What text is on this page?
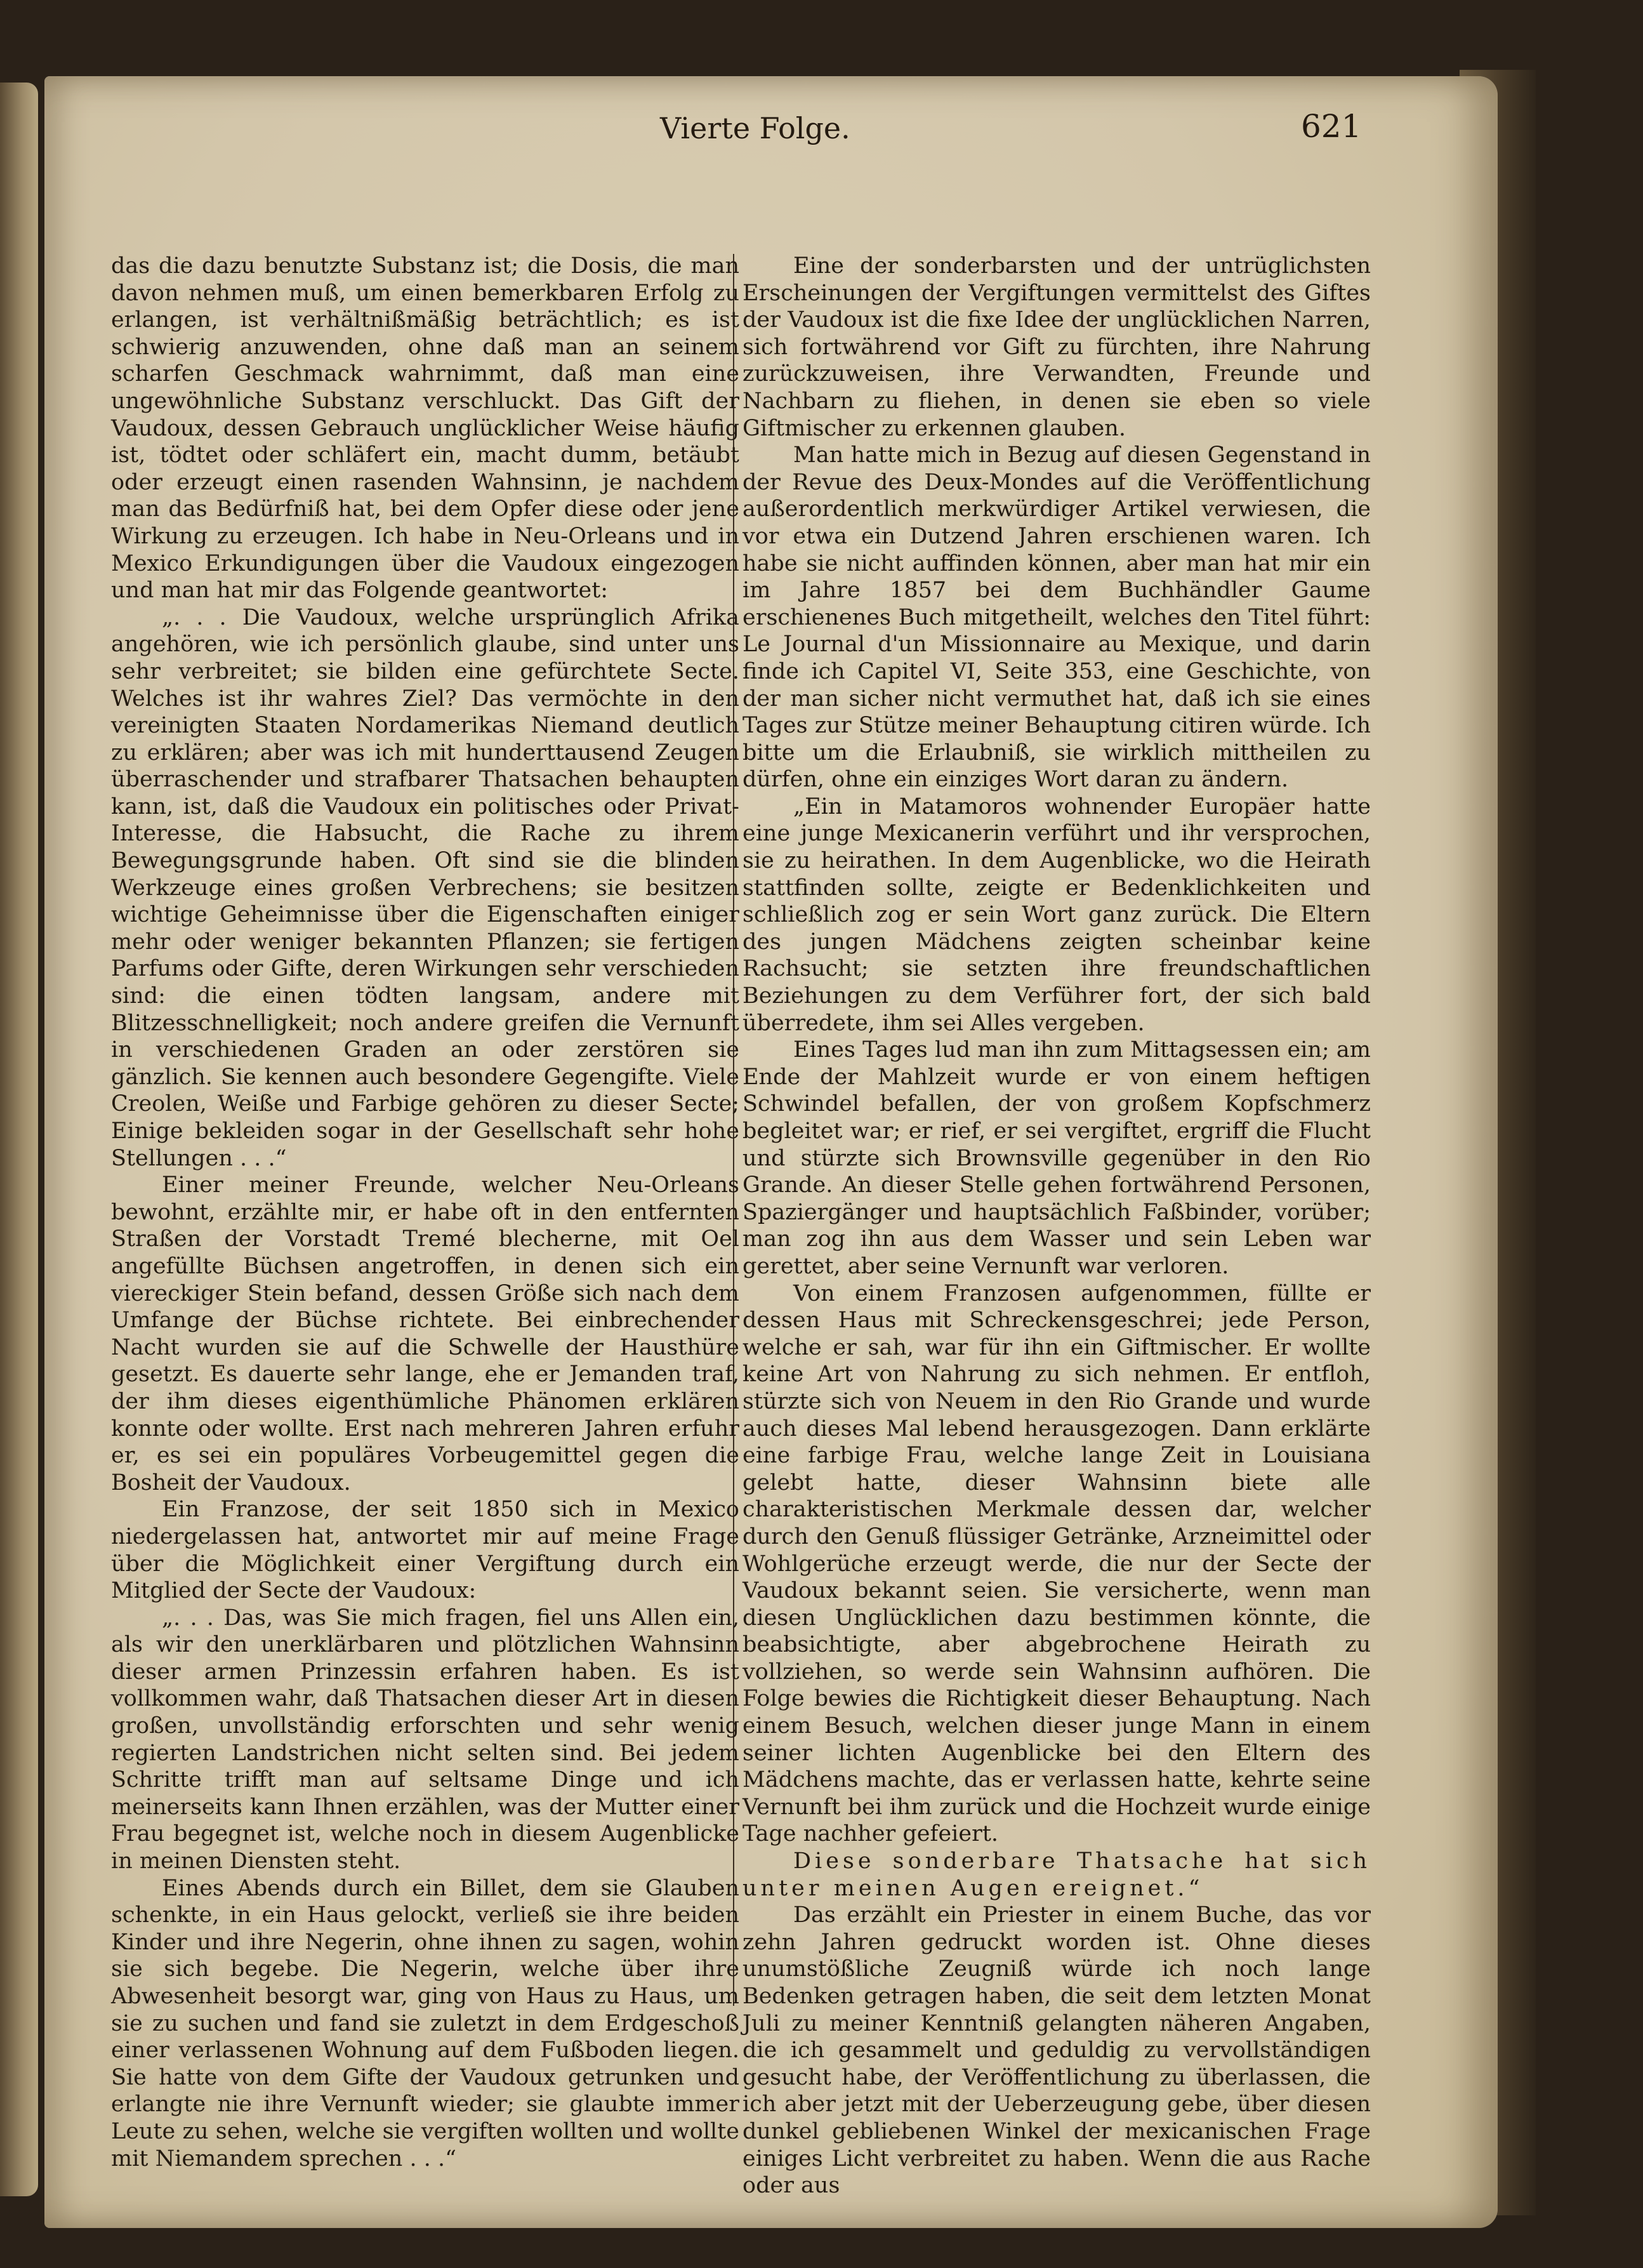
Vierte Folge.	621

das die dazu benutzte Substanz ist; die Dosis, die man davon nehmen muß, um einen bemerkbaren Erfolg zu erlangen, ist verhältnißmäßig beträchtlich; es ist schwierig anzuwenden, ohne daß man an seinem scharfen Geschmack wahrnimmt, daß man eine ungewöhnliche Substanz verschluckt. Das Gift der Vaudoux, dessen Gebrauch unglücklicher Weise häufig ist, tödtet oder schläfert ein, macht dumm, betäubt oder erzeugt einen rasenden Wahnsinn, je nachdem man das Bedürfniß hat, bei dem Opfer diese oder jene Wirkung zu erzeugen. Ich habe in Neu-Orleans und in Mexico Erkundigungen über die Vaudoux eingezogen und man hat mir das Folgende geantwortet:

„. . . Die Vaudoux, welche ursprünglich Afrika angehören, wie ich persönlich glaube, sind unter uns sehr verbreitet; sie bilden eine gefürchtete Secte. Welches ist ihr wahres Ziel? Das vermöchte in den vereinigten Staaten Nordamerikas Niemand deutlich zu erklären; aber was ich mit hunderttausend Zeugen überraschender und strafbarer Thatsachen behaupten kann, ist, daß die Vaudoux ein politisches oder Privat-Interesse, die Habsucht, die Rache zu ihrem Bewegungsgrunde haben. Oft sind sie die blinden Werkzeuge eines großen Verbrechens; sie besitzen wichtige Geheimnisse über die Eigenschaften einiger mehr oder weniger bekannten Pflanzen; sie fertigen Parfums oder Gifte, deren Wirkungen sehr verschieden sind: die einen tödten langsam, andere mit Blitzesschnelligkeit; noch andere greifen die Vernunft in verschiedenen Graden an oder zerstören sie gänzlich. Sie kennen auch besondere Gegengifte. Viele Creolen, Weiße und Farbige gehören zu dieser Secte; Einige bekleiden sogar in der Gesellschaft sehr hohe Stellungen . . .“

Einer meiner Freunde, welcher Neu-Orleans bewohnt, erzählte mir, er habe oft in den entfernten Straßen der Vorstadt Tremé blecherne, mit Oel angefüllte Büchsen angetroffen, in denen sich ein viereckiger Stein befand, dessen Größe sich nach dem Umfange der Büchse richtete. Bei einbrechender Nacht wurden sie auf die Schwelle der Hausthüre gesetzt. Es dauerte sehr lange, ehe er Jemanden traf, der ihm dieses eigenthümliche Phänomen erklären konnte oder wollte. Erst nach mehreren Jahren erfuhr er, es sei ein populäres Vorbeugemittel gegen die Bosheit der Vaudoux.

Ein Franzose, der seit 1850 sich in Mexico niedergelassen hat, antwortet mir auf meine Frage über die Möglichkeit einer Vergiftung durch ein Mitglied der Secte der Vaudoux:

„. . . Das, was Sie mich fragen, fiel uns Allen ein, als wir den unerklärbaren und plötzlichen Wahnsinn dieser armen Prinzessin erfahren haben. Es ist vollkommen wahr, daß Thatsachen dieser Art in diesen großen, unvollständig erforschten und sehr wenig regierten Landstrichen nicht selten sind. Bei jedem Schritte trifft man auf seltsame Dinge und ich meinerseits kann Ihnen erzählen, was der Mutter einer Frau begegnet ist, welche noch in diesem Augenblicke in meinen Diensten steht.

Eines Abends durch ein Billet, dem sie Glauben schenkte, in ein Haus gelockt, verließ sie ihre beiden Kinder und ihre Negerin, ohne ihnen zu sagen, wohin sie sich begebe. Die Negerin, welche über ihre Abwesenheit besorgt war, ging von Haus zu Haus, um sie zu suchen und fand sie zuletzt in dem Erdgeschoß einer verlassenen Wohnung auf dem Fußboden liegen. Sie hatte von dem Gifte der Vaudoux getrunken und erlangte nie ihre Vernunft wieder; sie glaubte immer Leute zu sehen, welche sie vergiften wollten und wollte mit Niemandem sprechen . . .“

Eine der sonderbarsten und der untrüglichsten Erscheinungen der Vergiftungen vermittelst des Giftes der Vaudoux ist die fixe Idee der unglücklichen Narren, sich fortwährend vor Gift zu fürchten, ihre Nahrung zurückzuweisen, ihre Verwandten, Freunde und Nachbarn zu fliehen, in denen sie eben so viele Giftmischer zu erkennen glauben.

Man hatte mich in Bezug auf diesen Gegenstand in der Revue des Deux-Mondes auf die Veröffentlichung außerordentlich merkwürdiger Artikel verwiesen, die vor etwa ein Dutzend Jahren erschienen waren. Ich habe sie nicht auffinden können, aber man hat mir ein im Jahre 1857 bei dem Buchhändler Gaume erschienenes Buch mitgetheilt, welches den Titel führt: Le Journal d'un Missionnaire au Mexique, und darin finde ich Capitel VI, Seite 353, eine Geschichte, von der man sicher nicht vermuthet hat, daß ich sie eines Tages zur Stütze meiner Behauptung citiren würde. Ich bitte um die Erlaubniß, sie wirklich mittheilen zu dürfen, ohne ein einziges Wort daran zu ändern.

„Ein in Matamoros wohnender Europäer hatte eine junge Mexicanerin verführt und ihr versprochen, sie zu heirathen. In dem Augenblicke, wo die Heirath stattfinden sollte, zeigte er Bedenklichkeiten und schließlich zog er sein Wort ganz zurück. Die Eltern des jungen Mädchens zeigten scheinbar keine Rachsucht; sie setzten ihre freundschaftlichen Beziehungen zu dem Verführer fort, der sich bald überredete, ihm sei Alles vergeben.

Eines Tages lud man ihn zum Mittagsessen ein; am Ende der Mahlzeit wurde er von einem heftigen Schwindel befallen, der von großem Kopfschmerz begleitet war; er rief, er sei vergiftet, ergriff die Flucht und stürzte sich Brownsville gegenüber in den Rio Grande. An dieser Stelle gehen fortwährend Personen, Spaziergänger und hauptsächlich Faßbinder, vorüber; man zog ihn aus dem Wasser und sein Leben war gerettet, aber seine Vernunft war verloren.

Von einem Franzosen aufgenommen, füllte er dessen Haus mit Schreckensgeschrei; jede Person, welche er sah, war für ihn ein Giftmischer. Er wollte keine Art von Nahrung zu sich nehmen. Er entfloh, stürzte sich von Neuem in den Rio Grande und wurde auch dieses Mal lebend herausgezogen. Dann erklärte eine farbige Frau, welche lange Zeit in Louisiana gelebt hatte, dieser Wahnsinn biete alle charakteristischen Merkmale dessen dar, welcher durch den Genuß flüssiger Getränke, Arzneimittel oder Wohlgerüche erzeugt werde, die nur der Secte der Vaudoux bekannt seien. Sie versicherte, wenn man diesen Unglücklichen dazu bestimmen könnte, die beabsichtigte, aber abgebrochene Heirath zu vollziehen, so werde sein Wahnsinn aufhören. Die Folge bewies die Richtigkeit dieser Behauptung. Nach einem Besuch, welchen dieser junge Mann in einem seiner lichten Augenblicke bei den Eltern des Mädchens machte, das er verlassen hatte, kehrte seine Vernunft bei ihm zurück und die Hochzeit wurde einige Tage nachher gefeiert.

Diese sonderbare Thatsache hat sich unter meinen Augen ereignet.“

Das erzählt ein Priester in einem Buche, das vor zehn Jahren gedruckt worden ist. Ohne dieses unumstößliche Zeugniß würde ich noch lange Bedenken getragen haben, die seit dem letzten Monat Juli zu meiner Kenntniß gelangten näheren Angaben, die ich gesammelt und geduldig zu vervollständigen gesucht habe, der Veröffentlichung zu überlassen, die ich aber jetzt mit der Ueberzeugung gebe, über diesen dunkel gebliebenen Winkel der mexicanischen Frage einiges Licht verbreitet zu haben. Wenn die aus Rache oder aus
